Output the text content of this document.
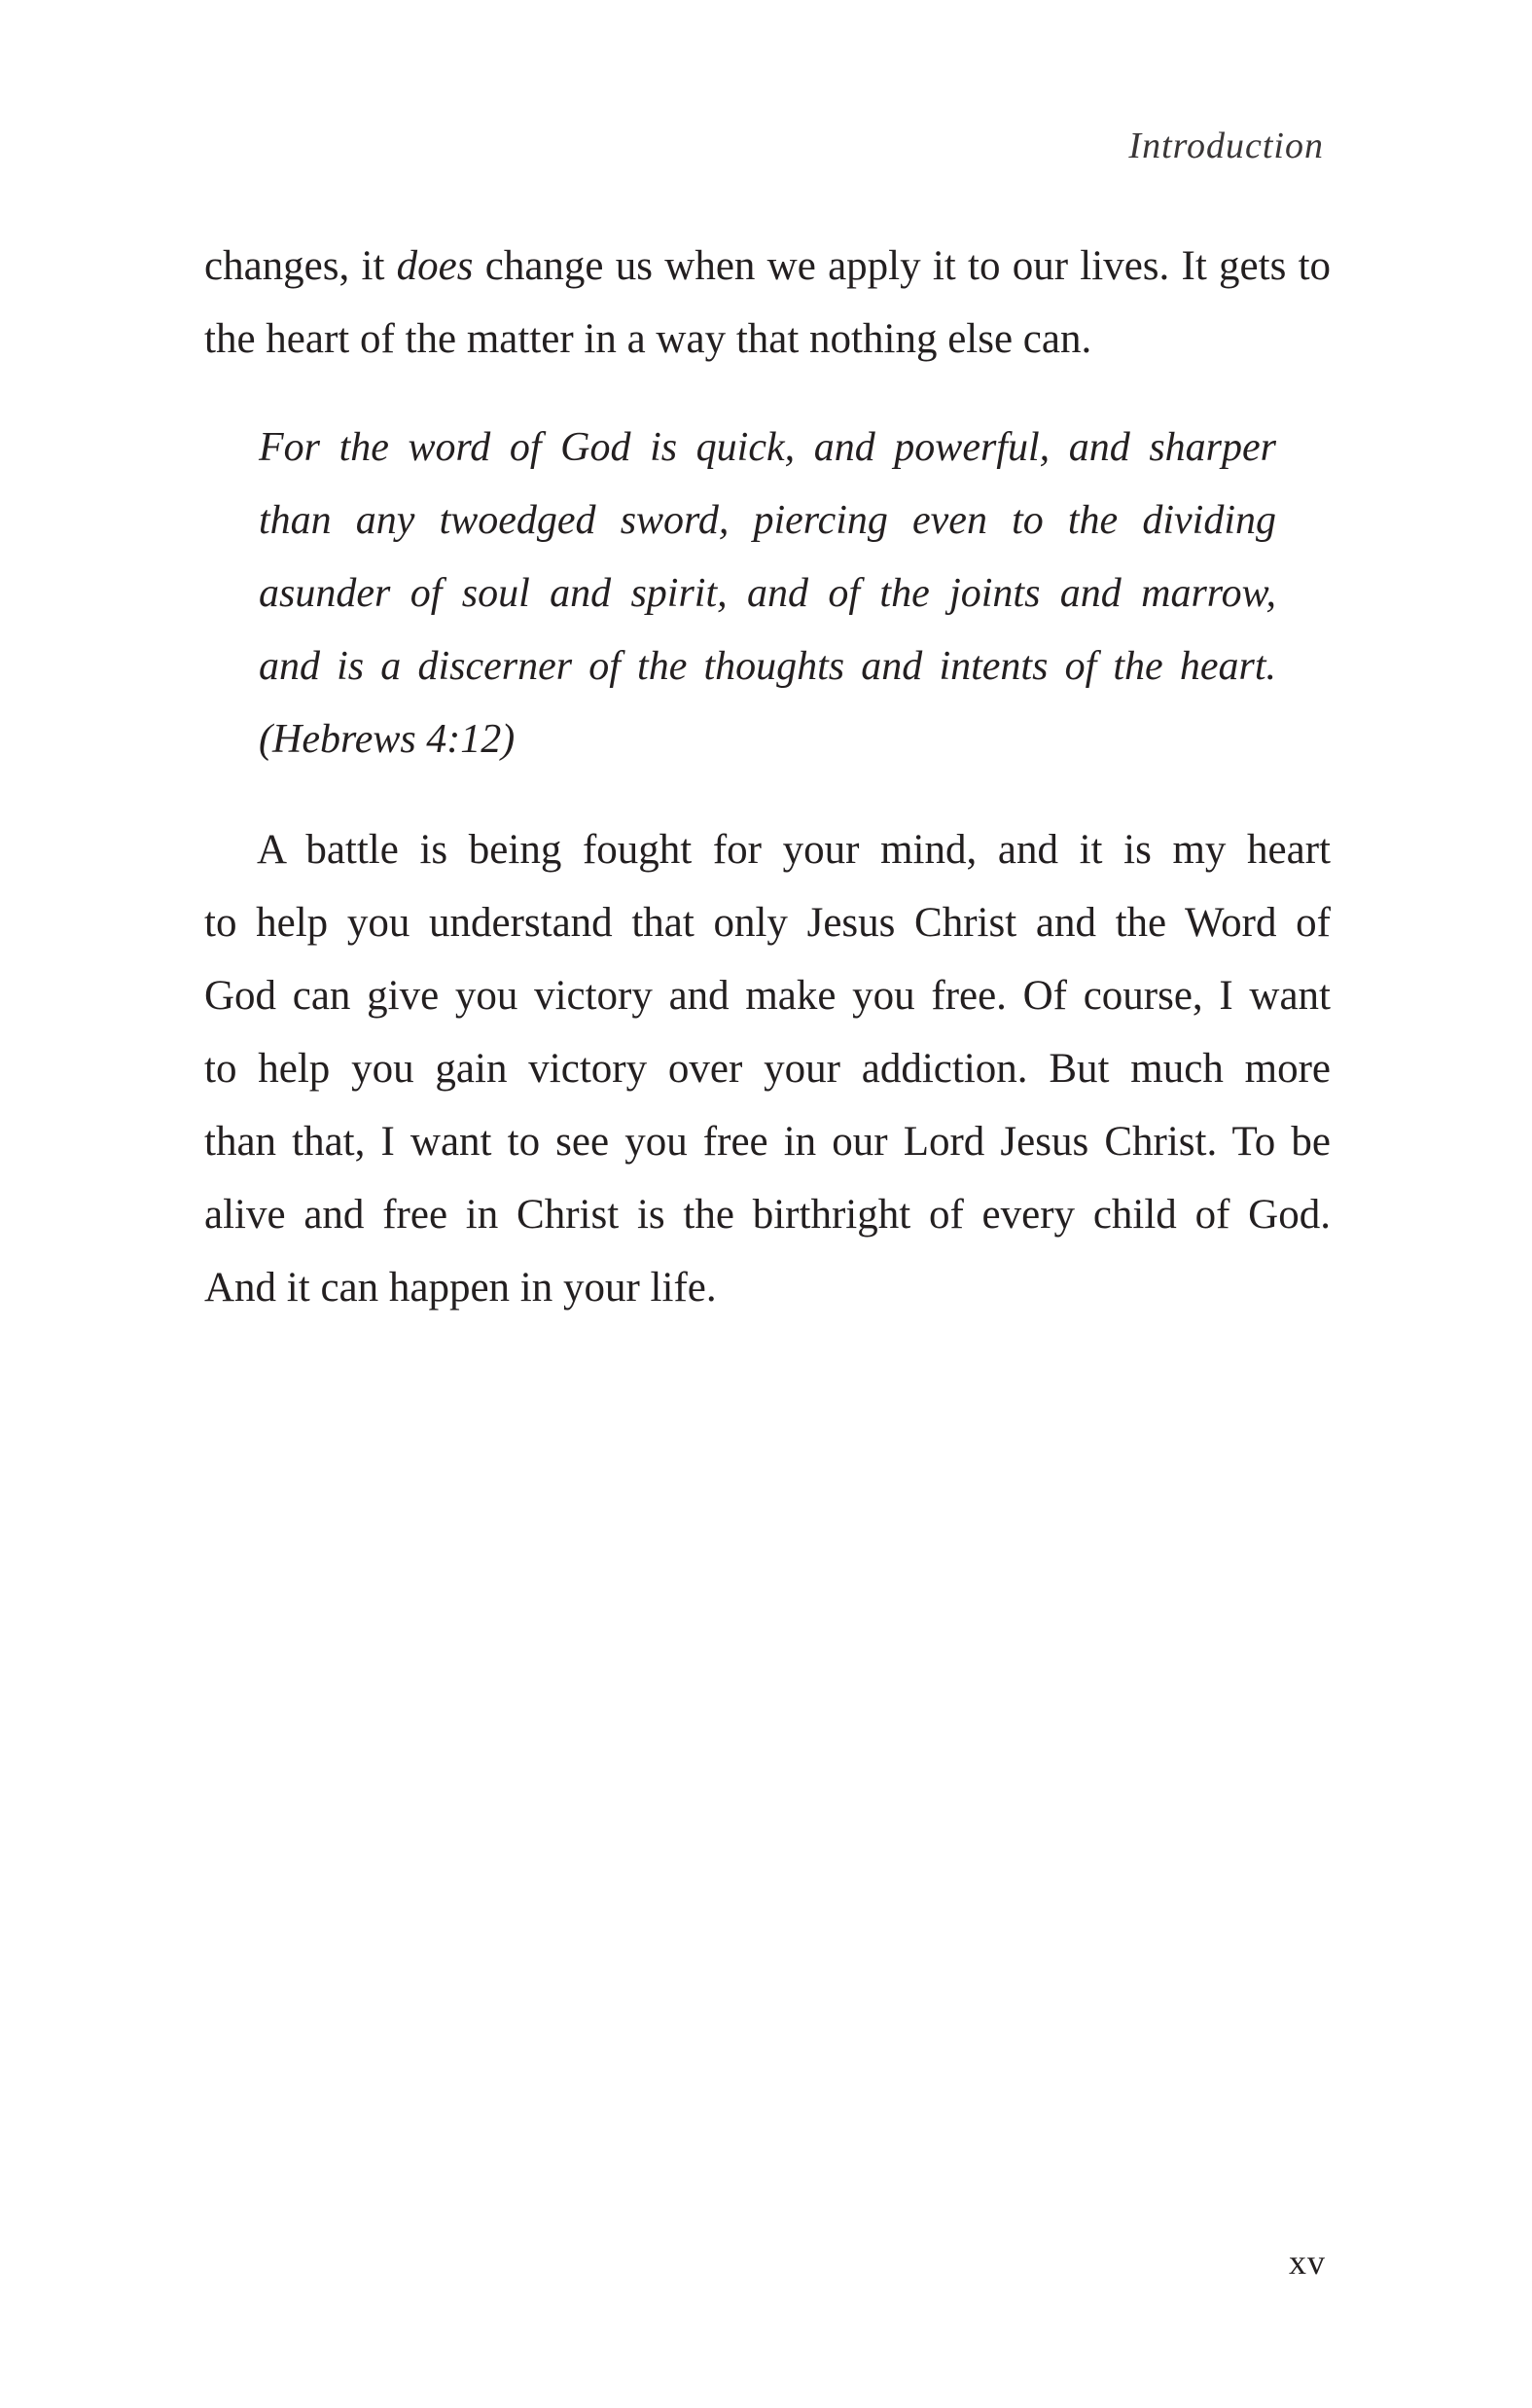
Introduction
changes, it does change us when we apply it to our lives. It gets to
the heart of the matter in a way that nothing else can.
For the word of God is quick, and powerful, and sharper
than any twoedged sword, piercing even to the dividing
asunder of soul and spirit, and of the joints and marrow,
and is a discerner of the thoughts and intents of the heart.
(Hebrews 4:12)
A battle is being fought for your mind, and it is my heart
to help you understand that only Jesus Christ and the Word of
God can give you victory and make you free. Of course, I want
to help you gain victory over your addiction. But much more
than that, I want to see you free in our Lord Jesus Christ. To be
alive and free in Christ is the birthright of every child of God.
And it can happen in your life.
xv
